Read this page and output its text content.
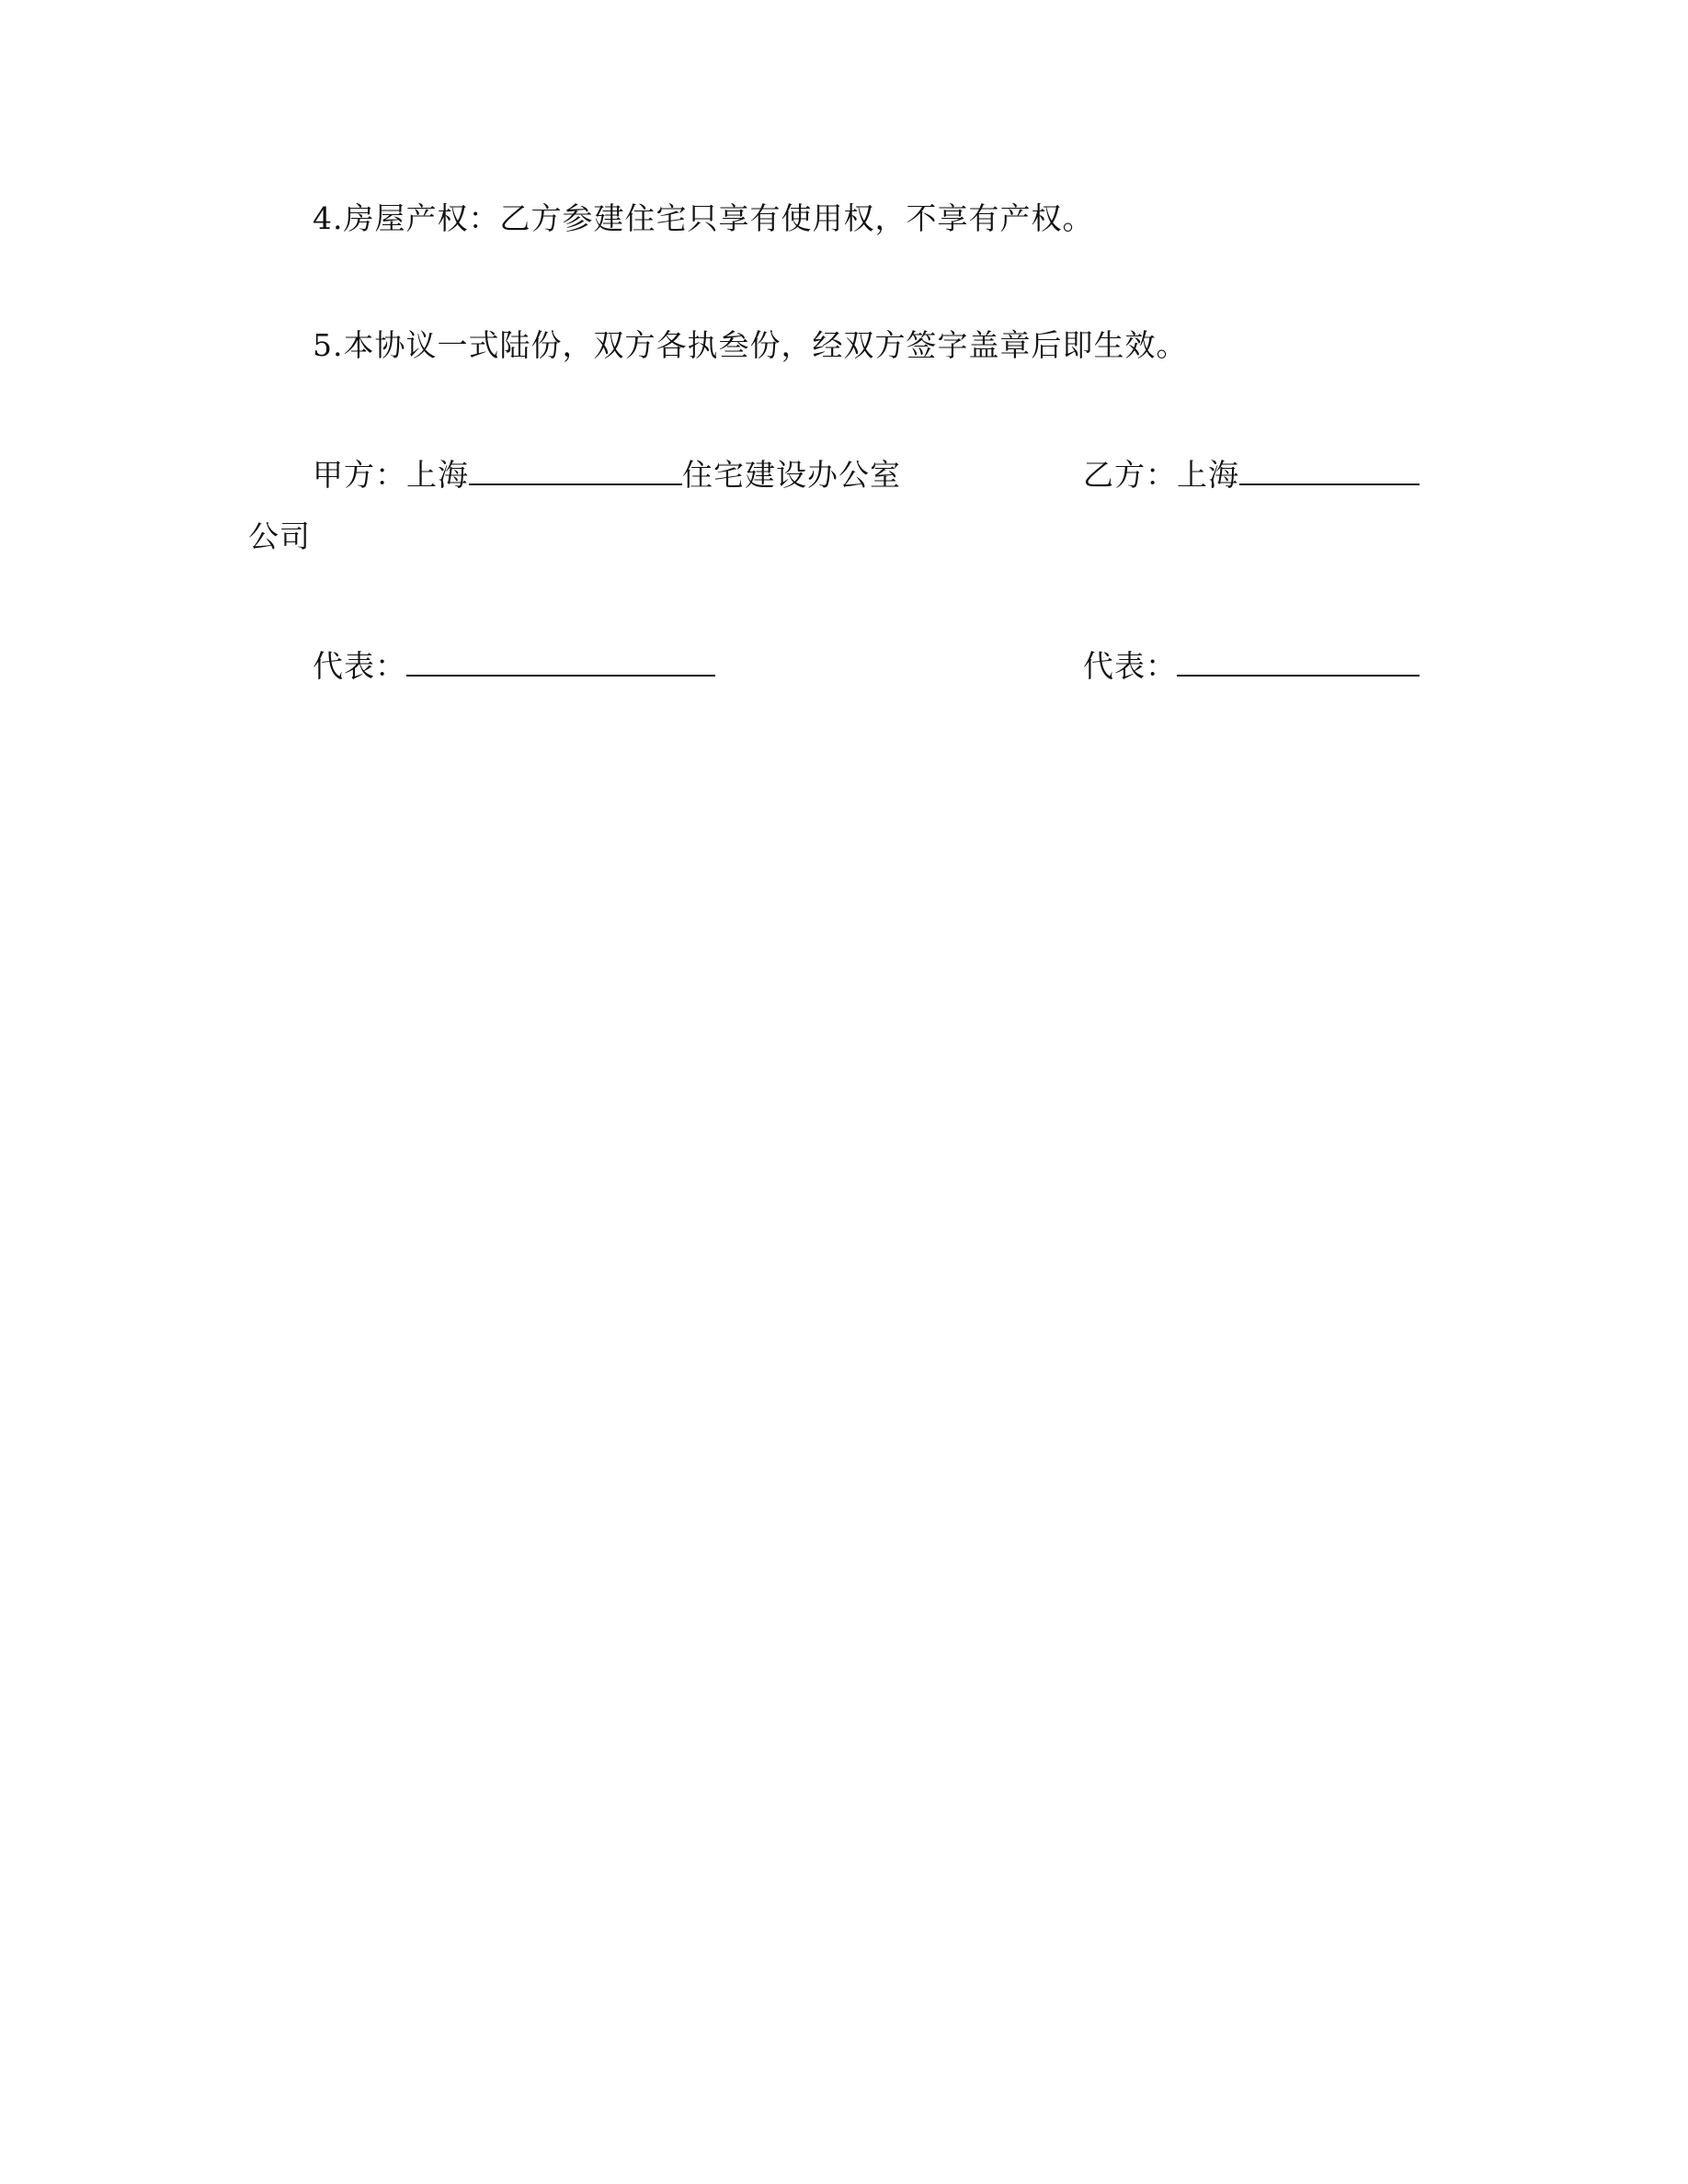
4.房屋产权：乙方参建住宅只享有使用权，不享有产权。
5.本协议一式陆份，双方各执叁份，经双方签字盖章后即生效。
甲方：上海	住宅建设办公室	乙方：上海
公司
代表：	代表：
